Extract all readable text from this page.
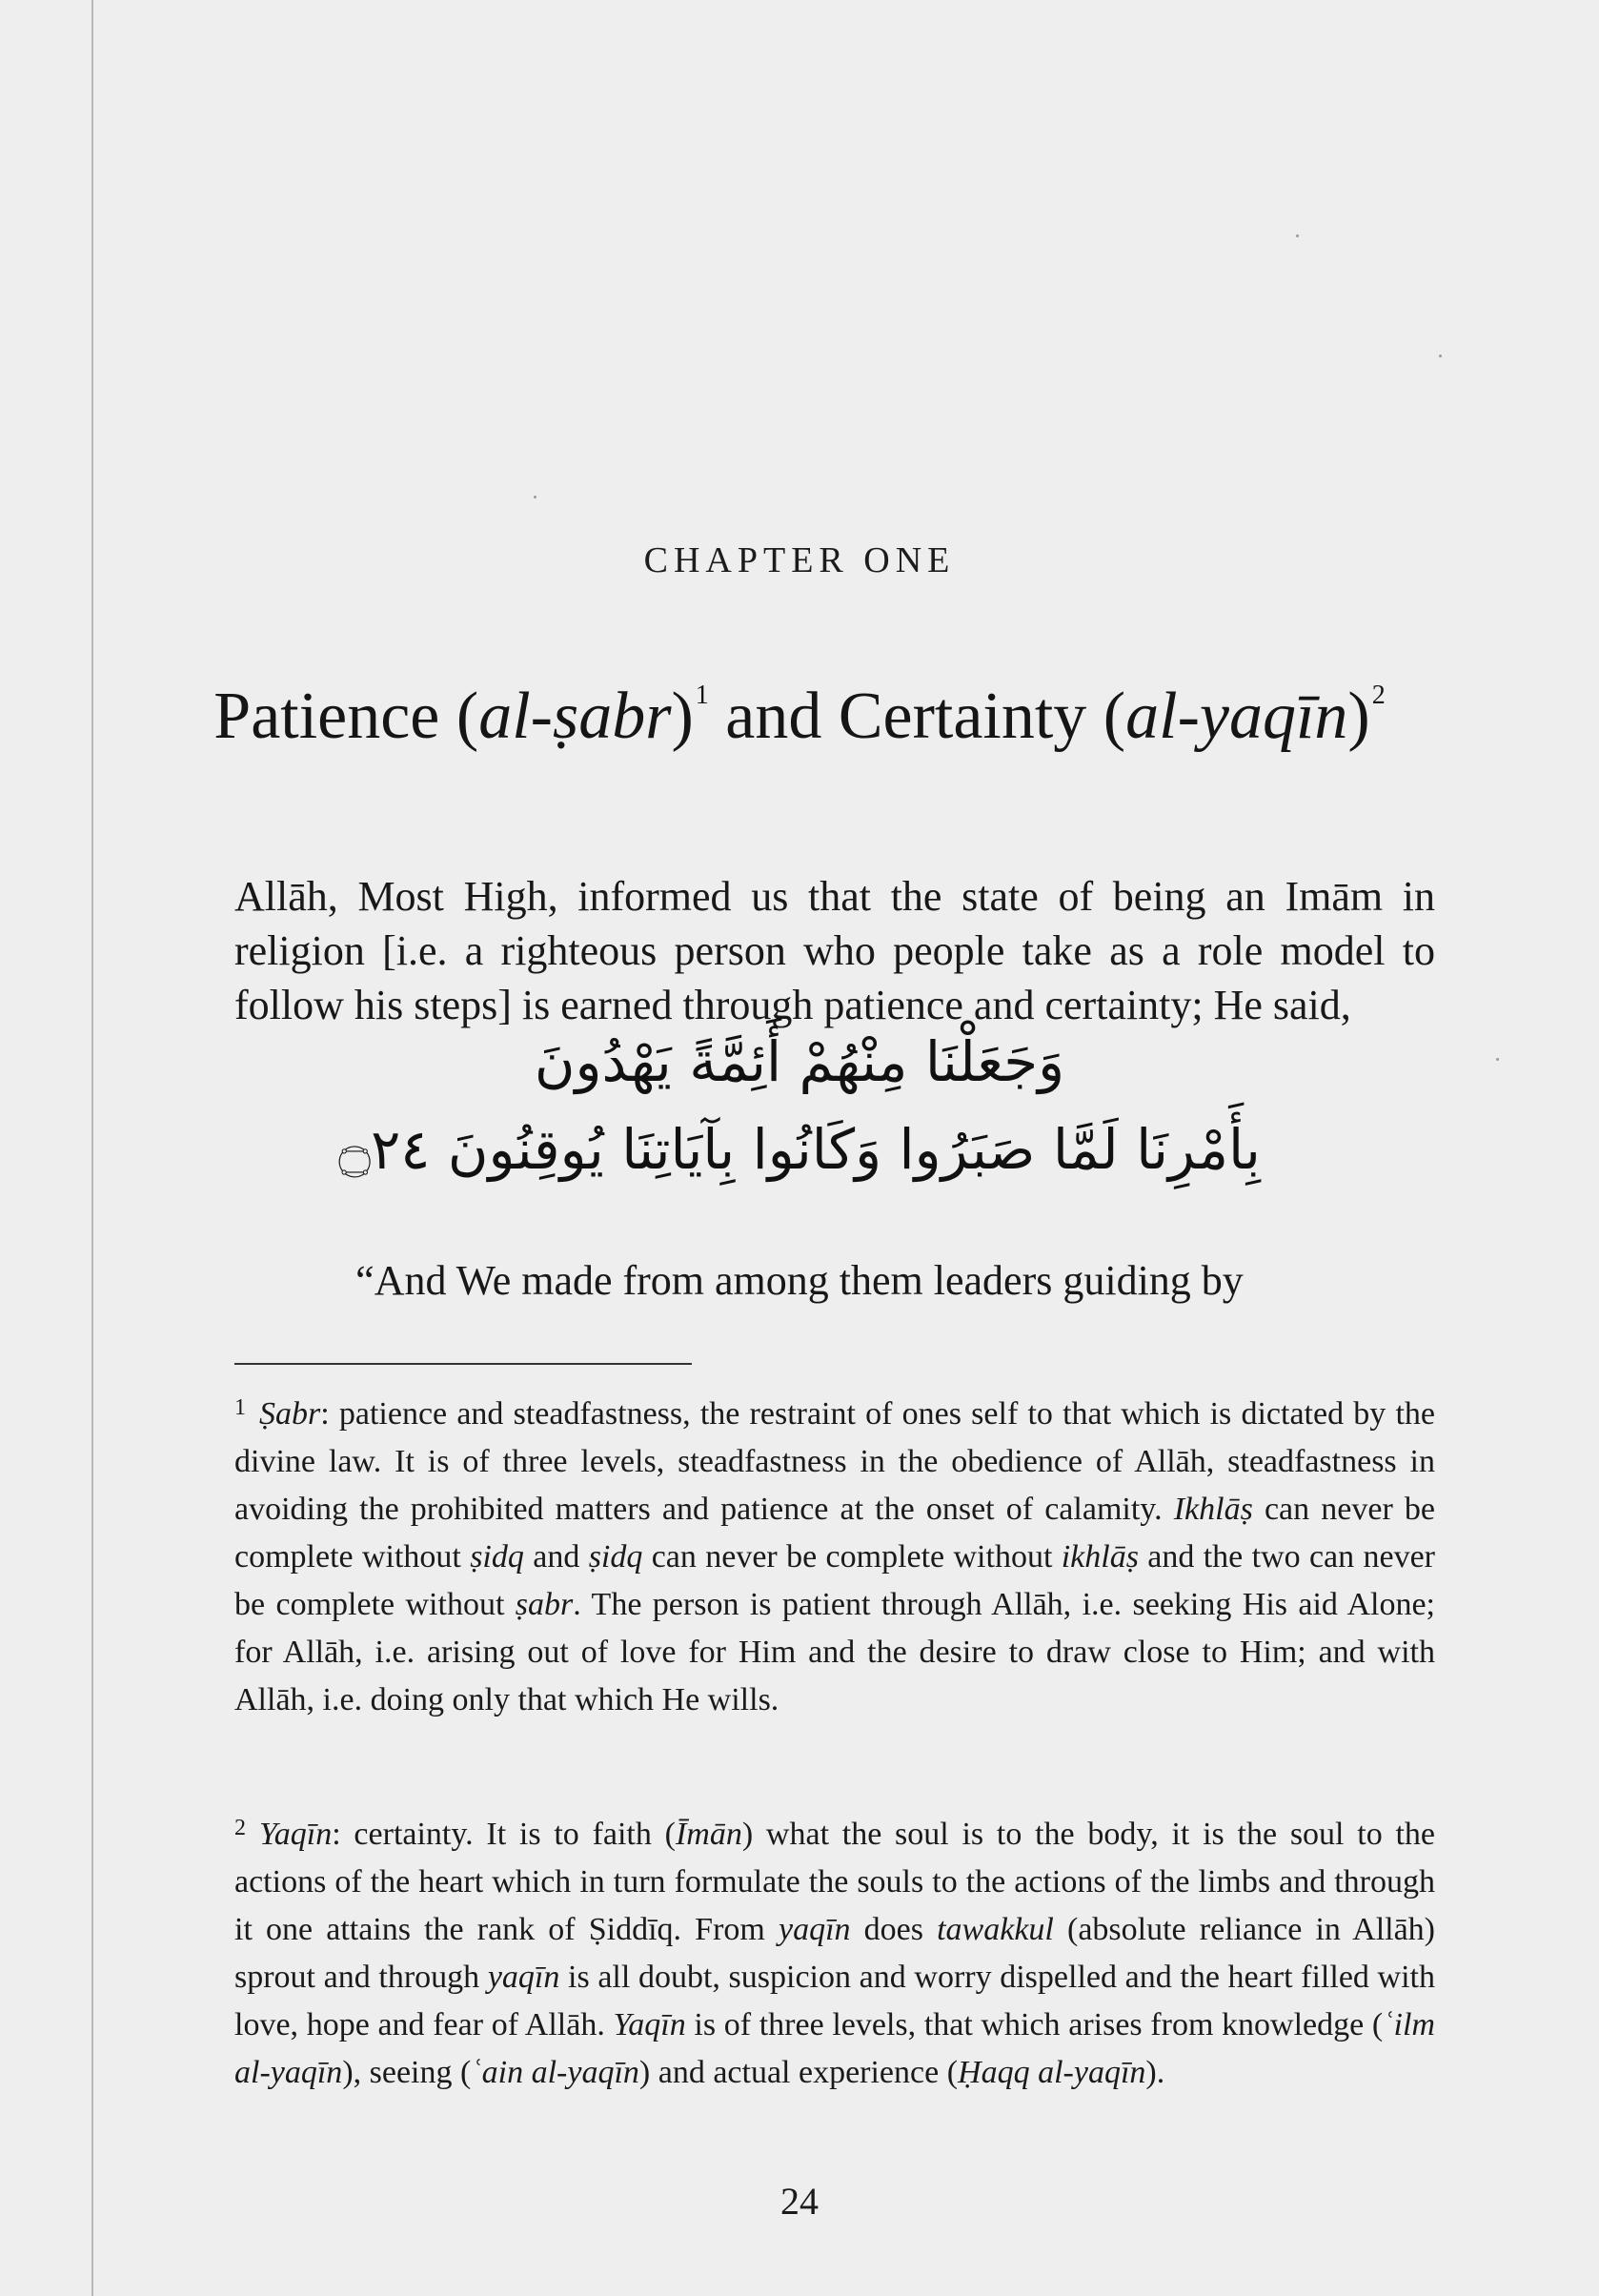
CHAPTER ONE
Patience (al-ṣabr)$^1$ and Certainty (al-yaqīn)$^2$
Allāh, Most High, informed us that the state of being an Imām in religion [i.e. a righteous person who people take as a role model to follow his steps] is earned through patience and certainty; He said,
وَجَعَلْنَا مِنْهُمْ أَئِمَّةً يَهْدُونَ
بِأَمْرِنَا لَمَّا صَبَرُوا وَكَانُوا بِآيَاتِنَا يُوقِنُونَ ۝٢٤
“And We made from among them leaders guiding by
$^1$ Ṣabr: patience and steadfastness, the restraint of ones self to that which is dictated by the divine law. It is of three levels, steadfastness in the obedience of Allāh, steadfastness in avoiding the prohibited matters and patience at the onset of calamity. Ikhlāṣ can never be complete without ṣidq and ṣidq can never be complete without ikhlāṣ and the two can never be complete without ṣabr. The person is patient through Allāh, i.e. seeking His aid Alone; for Allāh, i.e. arising out of love for Him and the desire to draw close to Him; and with Allāh, i.e. doing only that which He wills.
$^2$ Yaqīn: certainty. It is to faith (Īmān) what the soul is to the body, it is the soul to the actions of the heart which in turn formulate the souls to the actions of the limbs and through it one attains the rank of Ṣiddīq. From yaqīn does tawakkul (absolute reliance in Allāh) sprout and through yaqīn is all doubt, suspicion and worry dispelled and the heart filled with love, hope and fear of Allāh. Yaqīn is of three levels, that which arises from knowledge (ʿilm al-yaqīn), seeing (ʿain al-yaqīn) and actual experience (Ḥaqq al-yaqīn).
24
